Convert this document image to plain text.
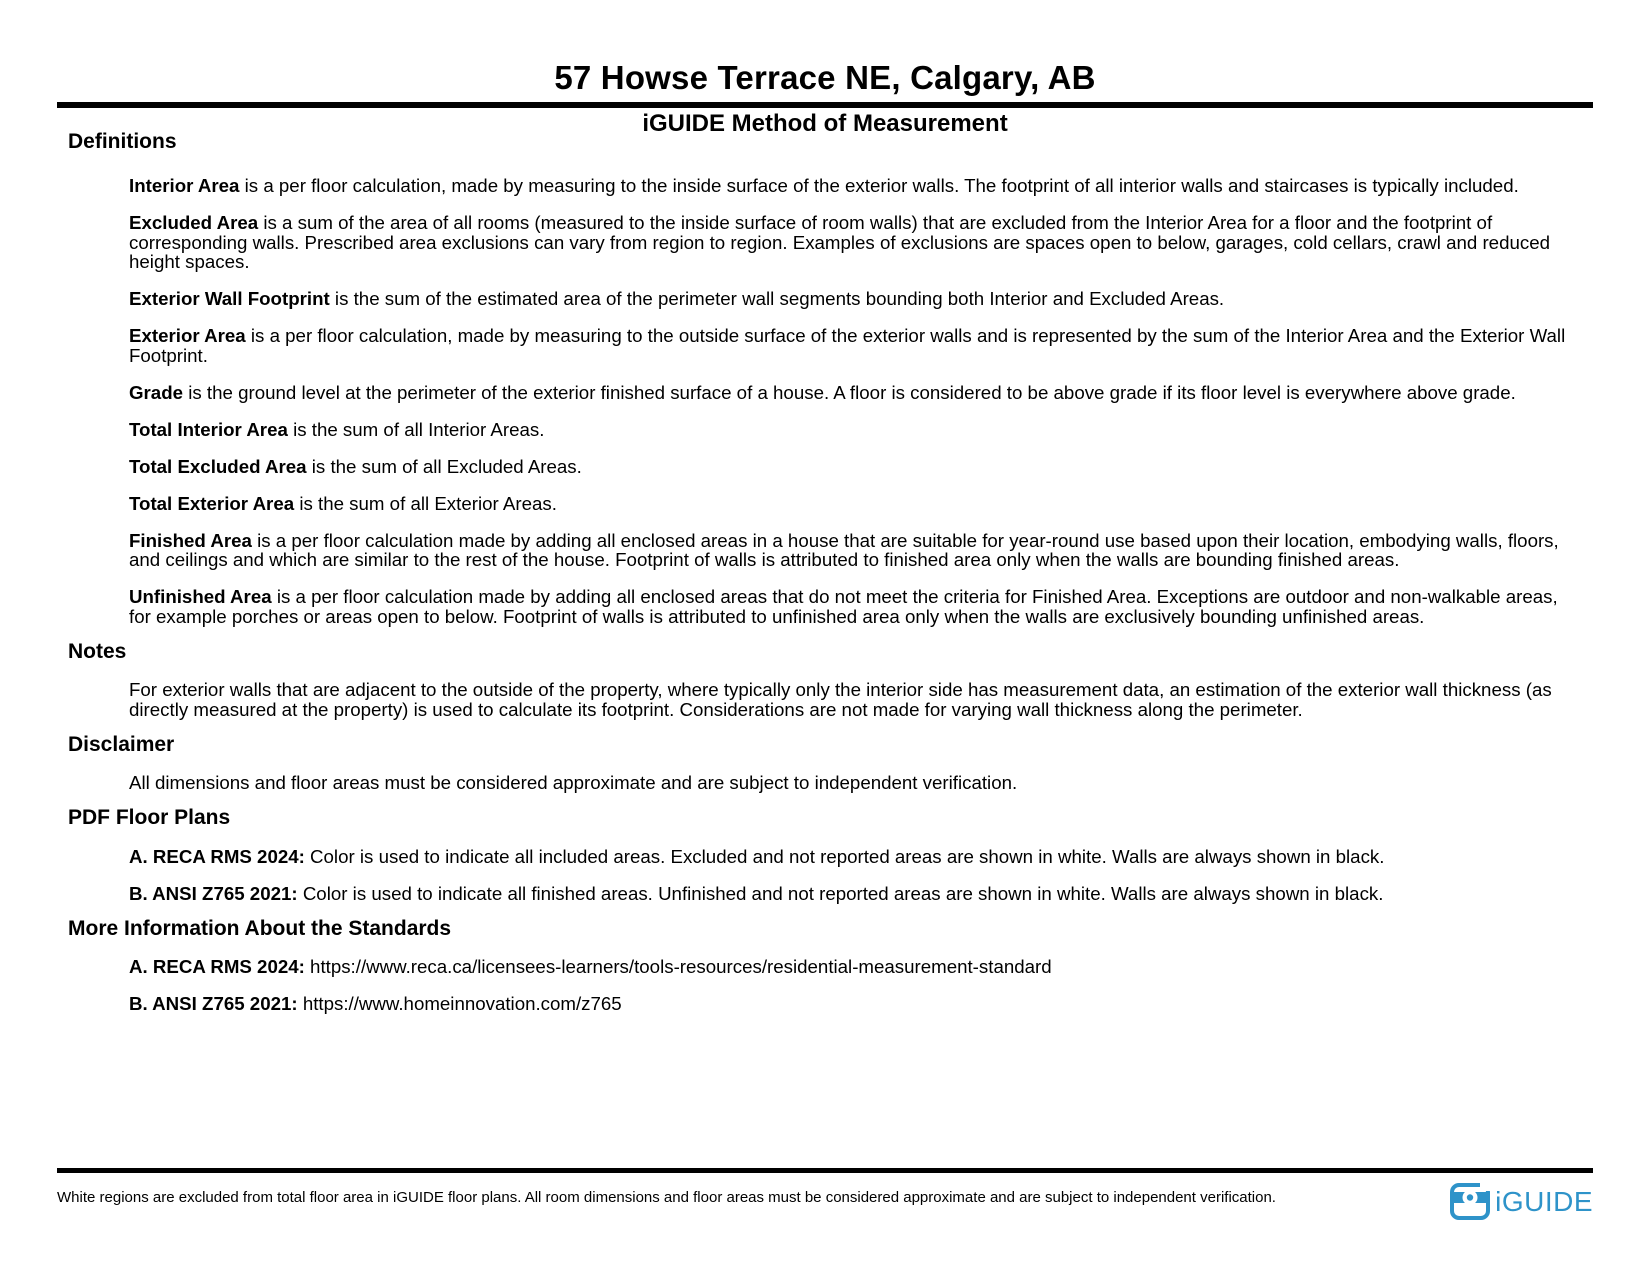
57 Howse Terrace NE, Calgary, AB
iGUIDE Method of Measurement
Definitions

Interior Area is a per floor calculation, made by measuring to the inside surface of the exterior walls. The footprint of all interior walls and staircases is typically included.

Excluded Area is a sum of the area of all rooms (measured to the inside surface of room walls) that are excluded from the Interior Area for a floor and the footprint of corresponding walls. Prescribed area exclusions can vary from region to region. Examples of exclusions are spaces open to below, garages, cold cellars, crawl and reduced height spaces.

Exterior Wall Footprint is the sum of the estimated area of the perimeter wall segments bounding both Interior and Excluded Areas.

Exterior Area is a per floor calculation, made by measuring to the outside surface of the exterior walls and is represented by the sum of the Interior Area and the Exterior Wall Footprint.

Grade is the ground level at the perimeter of the exterior finished surface of a house. A floor is considered to be above grade if its floor level is everywhere above grade.

Total Interior Area is the sum of all Interior Areas.

Total Excluded Area is the sum of all Excluded Areas.

Total Exterior Area is the sum of all Exterior Areas.

Finished Area is a per floor calculation made by adding all enclosed areas in a house that are suitable for year-round use based upon their location, embodying walls, floors, and ceilings and which are similar to the rest of the house. Footprint of walls is attributed to finished area only when the walls are bounding finished areas.

Unfinished Area is a per floor calculation made by adding all enclosed areas that do not meet the criteria for Finished Area. Exceptions are outdoor and non-walkable areas, for example porches or areas open to below. Footprint of walls is attributed to unfinished area only when the walls are exclusively bounding unfinished areas.

Notes

For exterior walls that are adjacent to the outside of the property, where typically only the interior side has measurement data, an estimation of the exterior wall thickness (as directly measured at the property) is used to calculate its footprint. Considerations are not made for varying wall thickness along the perimeter.

Disclaimer

All dimensions and floor areas must be considered approximate and are subject to independent verification.

PDF Floor Plans

A. RECA RMS 2024: Color is used to indicate all included areas. Excluded and not reported areas are shown in white. Walls are always shown in black.

B. ANSI Z765 2021: Color is used to indicate all finished areas. Unfinished and not reported areas are shown in white. Walls are always shown in black.

More Information About the Standards

A. RECA RMS 2024: https://www.reca.ca/licensees-learners/tools-resources/residential-measurement-standard

B. ANSI Z765 2021: https://www.homeinnovation.com/z765

White regions are excluded from total floor area in iGUIDE floor plans. All room dimensions and floor areas must be considered approximate and are subject to independent verification.	iGUIDE
